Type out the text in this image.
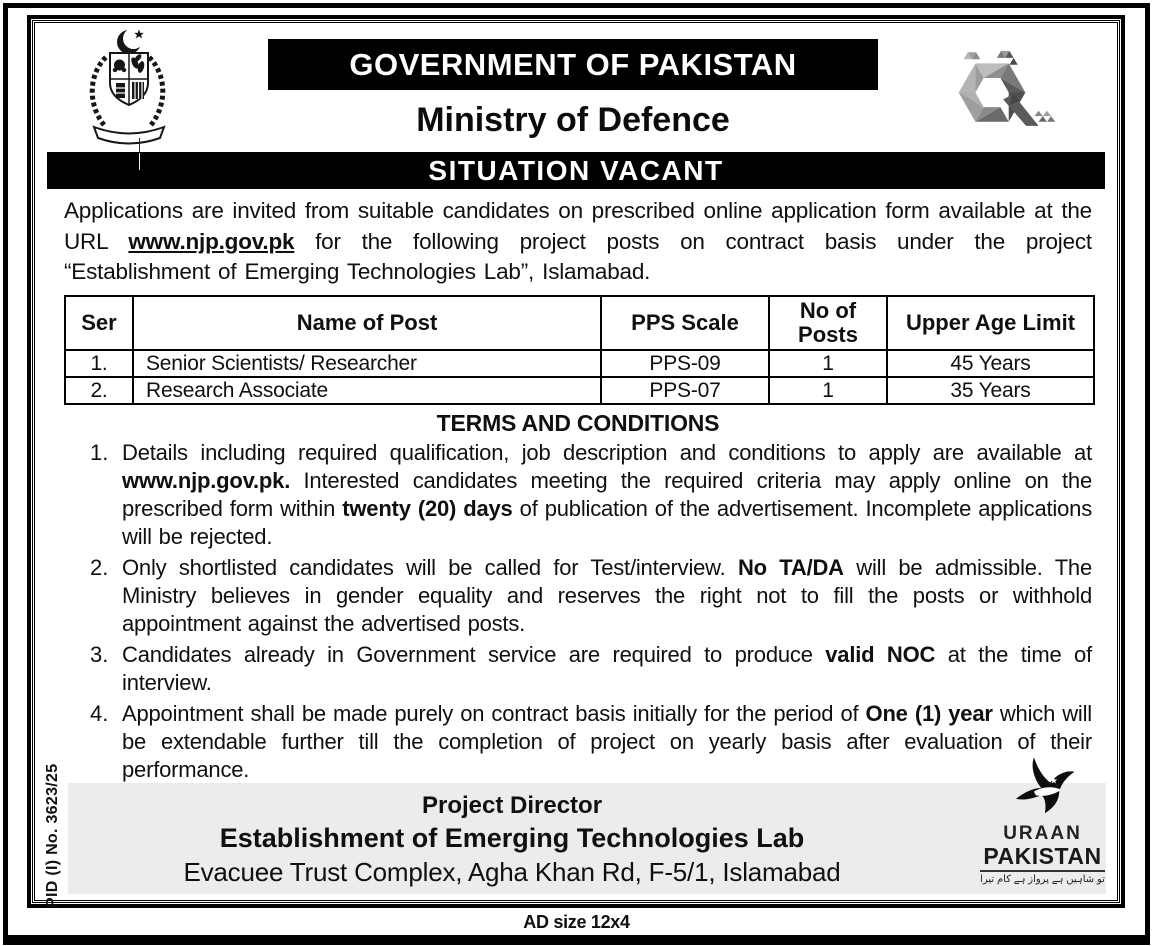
GOVERNMENT OF PAKISTAN
Ministry of Defence
SITUATION VACANT
Applications are invited from suitable candidates on prescribed online application form available at the URL www.njp.gov.pk for the following project posts on contract basis under the project “Establishment of Emerging Technologies Lab”, Islamabad.
Ser	Name of Post	PPS Scale	No of Posts	Upper Age Limit
1.	Senior Scientists/ Researcher	PPS-09	1	45 Years
2.	Research Associate	PPS-07	1	35 Years
TERMS AND CONDITIONS
1. Details including required qualification, job description and conditions to apply are available at www.njp.gov.pk. Interested candidates meeting the required criteria may apply online on the prescribed form within twenty (20) days of publication of the advertisement. Incomplete applications will be rejected.
2. Only shortlisted candidates will be called for Test/interview. No TA/DA will be admissible. The Ministry believes in gender equality and reserves the right not to fill the posts or withhold appointment against the advertised posts.
3. Candidates already in Government service are required to produce valid NOC at the time of interview.
4. Appointment shall be made purely on contract basis initially for the period of One (1) year which will be extendable further till the completion of project on yearly basis after evaluation of their performance.
Project Director
Establishment of Emerging Technologies Lab
Evacuee Trust Complex, Agha Khan Rd, F-5/1, Islamabad
URAAN
PAKISTAN
تو شاہیں ہے پرواز ہے کام تیرا
PID (I) No. 3623/25
AD size 12x4
